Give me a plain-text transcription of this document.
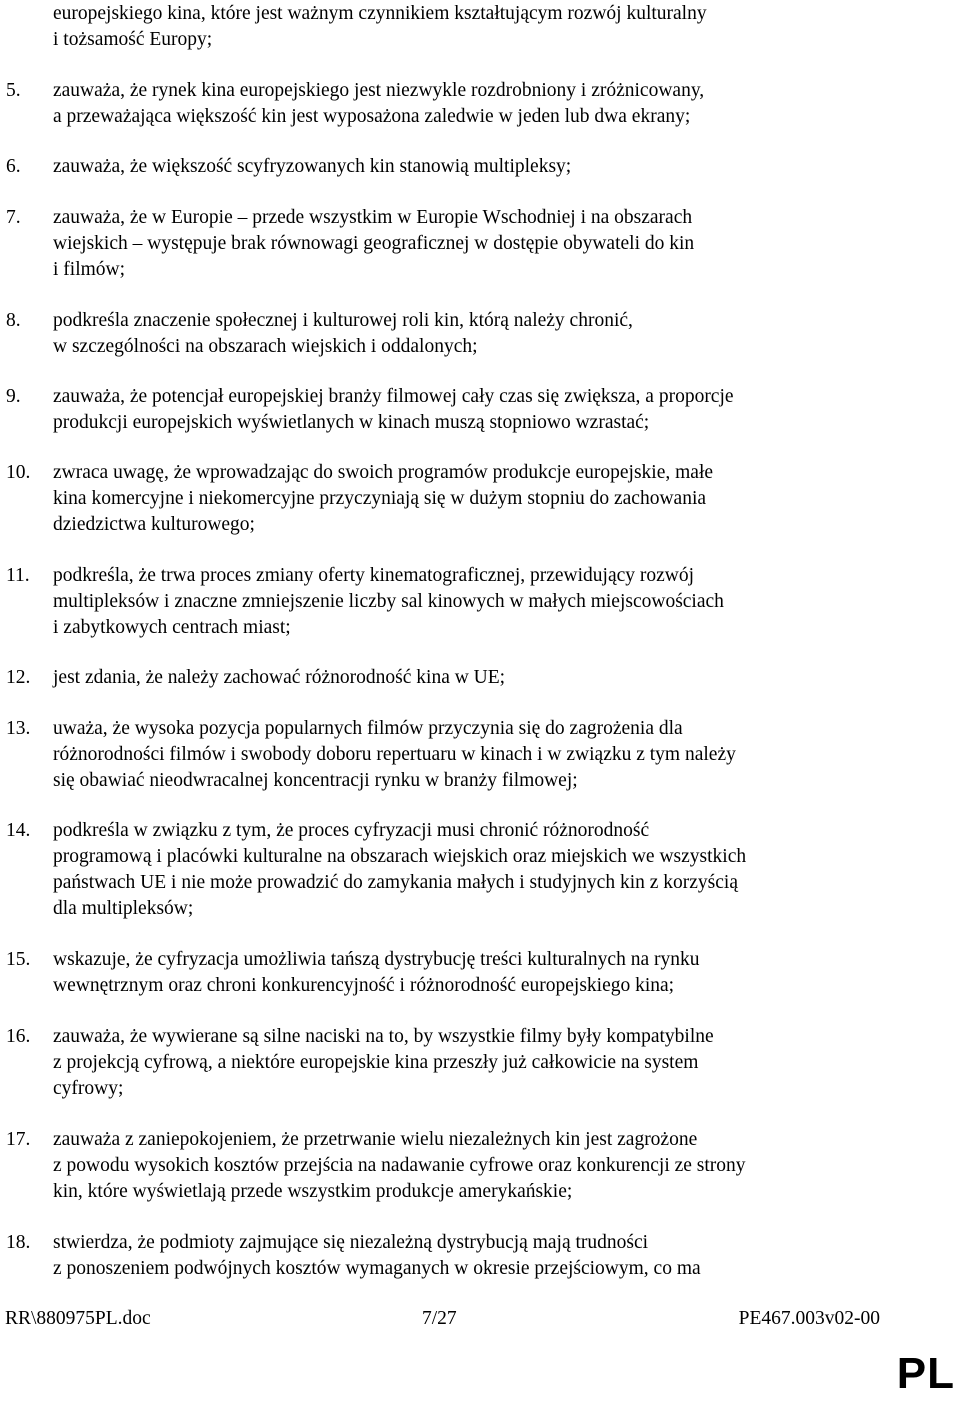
europejskiego kina, które jest ważnym czynnikiem kształtującym rozwój kulturalny
i tożsamość Europy;
5.	zauważa, że rynek kina europejskiego jest niezwykle rozdrobniony i zróżnicowany,
a przeważająca większość kin jest wyposażona zaledwie w jeden lub dwa ekrany;
6.	zauważa, że większość scyfryzowanych kin stanowią multipleksy;
7.	zauważa, że w Europie – przede wszystkim w Europie Wschodniej i na obszarach
wiejskich – występuje brak równowagi geograficznej w dostępie obywateli do kin
i filmów;
8.	podkreśla znaczenie społecznej i kulturowej roli kin, którą należy chronić,
w szczególności na obszarach wiejskich i oddalonych;
9.	zauważa, że potencjał europejskiej branży filmowej cały czas się zwiększa, a proporcje
produkcji europejskich wyświetlanych w kinach muszą stopniowo wzrastać;
10.	zwraca uwagę, że wprowadzając do swoich programów produkcje europejskie, małe
kina komercyjne i niekomercyjne przyczyniają się w dużym stopniu do zachowania
dziedzictwa kulturowego;
11.	podkreśla, że trwa proces zmiany oferty kinematograficznej, przewidujący rozwój
multipleksów i znaczne zmniejszenie liczby sal kinowych w małych miejscowościach
i zabytkowych centrach miast;
12.	jest zdania, że należy zachować różnorodność kina w UE;
13.	uważa, że wysoka pozycja popularnych filmów przyczynia się do zagrożenia dla
różnorodności filmów i swobody doboru repertuaru w kinach i w związku z tym należy
się obawiać nieodwracalnej koncentracji rynku w branży filmowej;
14.	podkreśla w związku z tym, że proces cyfryzacji musi chronić różnorodność
programową i placówki kulturalne na obszarach wiejskich oraz miejskich we wszystkich
państwach UE i nie może prowadzić do zamykania małych i studyjnych kin z korzyścią
dla multipleksów;
15.	wskazuje, że cyfryzacja umożliwia tańszą dystrybucję treści kulturalnych na rynku
wewnętrznym oraz chroni konkurencyjność i różnorodność europejskiego kina;
16.	zauważa, że wywierane są silne naciski na to, by wszystkie filmy były kompatybilne
z projekcją cyfrową, a niektóre europejskie kina przeszły już całkowicie na system
cyfrowy;
17.	zauważa z zaniepokojeniem, że przetrwanie wielu niezależnych kin jest zagrożone
z powodu wysokich kosztów przejścia na nadawanie cyfrowe oraz konkurencji ze strony
kin, które wyświetlają przede wszystkim produkcje amerykańskie;
18.	stwierdza, że podmioty zajmujące się niezależną dystrybucją mają trudności
z ponoszeniem podwójnych kosztów wymaganych w okresie przejściowym, co ma
RR\880975PL.doc	7/27	PE467.003v02-00
PL
